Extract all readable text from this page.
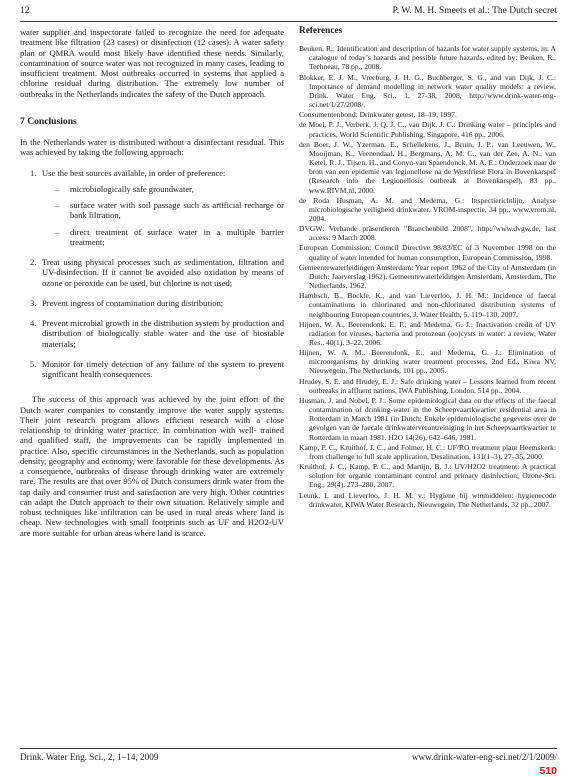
12	P. W. M. H. Smeets et al.: The Dutch secret

water supplier and inspectorate failed to recognize the need for adequate treatment like filtration (23 cases) or disinfection (12 cases). A water safety plan or QMRA would most likely have identified these needs. Similarly, contamination of source water was not recognized in many cases, leading to insufficient treatment. Most outbreaks occurred in systems that applied a chlorine residual during distribution. The extremely low number of outbreaks in the Netherlands indicates the safety of the Dutch approach.

7 Conclusions

In the Netherlands water is distributed without a disinfectant residual. This was achieved by taking the following approach:

1. Use the best sources available, in order of preference:
– microbiologically safe groundwater,
– surface water with soil passage such as artificial recharge or bank filtration,
– direct treatment of surface water in a multiple barrier treatment;
2. Treat using physical processes such as sedimentation, filtration and UV-disinfection. If it cannot be avoided also oxidation by means of ozone or peroxide can be used, but chlorine is not used;
3. Prevent ingress of contamination during distribution;
4. Prevent microbial growth in the distribution system by production and distribution of biologically stable water and the use of biostable materials;
5. Monitor for timely detection of any failure of the system to prevent significant health consequences.

The success of this approach was achieved by the joint effort of the Dutch water companies to constantly improve the water supply systems. Their joint research program allows efficient research with a close relationship to drinking water practice. In combination with well- trained and qualified staff, the improvements can be rapidly implemented in practice. Also, specific circumstances in the Netherlands, such as population density, geography and economy, were favorable for these developments. As a consequence, outbreaks of disease through drinking water are extremely rare. The results are that over 95% of Dutch consumers drink water from the tap daily and consumer trust and satisfaction are very high. Other countries can adapt the Dutch approach to their own situation. Relatively simple and robust techniques like infiltration can be used in rural areas where land is cheap. New technologies with small footprints such as UF and H2O2-UV are more suitable for urban areas where land is scarce.

References

Beuken, R.: Identification and description of hazards for water supply systems, in: A catalogue of today’s hazards and possible future hazards, edited by: Beuken, R., Techneau, 78 pp., 2008.

Blokker, E. J. M., Vreeburg, J. H. G., Buchberger, S. G., and van Dijk, J. C.: Importance of demand modelling in network water quality models: a review, Drink. Water Eng. Sci., 1, 27-38, 2008, http://www.drink-water-eng-sci.net/1/27/2008/.

Consumentenbond: Drinkwater getest, 18–19, 1997.

de Moel, P. J., Verberk, J. Q. J. C., van Dijk, J. C.: Drinking water – principles and practices, World Scientific Publishing, Singapore, 416 pp., 2006.

den Boer, J. W., Yzerman, E., Schellekens, J., Bruin, J. P., van Leeuwen, W., Mooijman, K., Veenendaal, H., Bergmans, A. M. C., van der Zee, A. N., van Ketel, R. J., Tijsen, H., and Conyn-van Spaendonck, M. A. E.: Onderzoek naar de bron van een epidemie van legionellose na de Westfriese Flora in Bovenkarspel (Research into the Legionellosis outbreak at Bovenkarspel), 83 pp., www.RIVM.nl, 2000.

de Roda Husman, A. M. and Medema, G.: Inspectierichtlijn, Analyse microbiologische veiligheid drinkwater, VROM-inspectie, 34 pp., www.vrom.nl, 2004.

DVGW: Verbande präsentieren "Branchenbild 2008", http://www.dvgw.de, last access: 9 March 2008.

European Commission: Council Directive 98/83/EC of 3 November 1998 on the quality of water intended for human consumption, European Commission, 1998.

Gemeentewaterleidingen Amsterdam: Year report 1962 of the City of Amsterdam (in Dutch: Jaarverslag 1962), Gemeentewaterleidingen Amsterdam, Amsterdam, The Netherlands, 1962.

Hambsch, B., Bockle, K., and van Lieverloo, J. H. M.: Incidence of faecal contaminations in chlorinated and non-chlorinated distribution systems of neighbouring European countries, J. Water Health, 5, 119–130, 2007.

Hijnen, W. A., Beerendonk, E. F., and Medema, G. J.: Inactivation credit of UV radiation for viruses, bacteria and protozoan (oo)cysts in water: a review, Water Res., 40(1), 3–22, 2006.

Hijnen, W. A. M., Beerendonk, E., and Medema, G. J.: Elimination of microorganisms by drinking water treatment processes, 2nd Ed., Kiwa NV, Nieuwegein, The Netherlands, 101 pp., 2005.

Hrudey, S. E. and Hrudey, E. J.: Safe drinking water – Lessons learned from recent outbreaks in affluent nations, IWA Publishing, London, 514 pp., 2004.

Husman, J. and Nobel, P. J.: Some epidemiological data on the effects of the faecal contamination of drinking-water in the Scheepvaartkwartier residential area in Rotterdam in March 1981 (in Dutch: Enkele epidemiologische gegevens over de gevolgen van de faecale drinkwaterverontreiniging in het Scheepvaartkwartier te Rotterdam in maart 1981. H2O 14(26), 642–646, 1981.

Kamp, P. C., Kruithof, J. C., and Folmer, H. C.: UF/RO treatment plant Heemskerk: from challenge to full scale application, Desalination, 131(1–3), 27–35, 2000.

Kruithof, J. C., Kamp, P. C., and Martijn, B. J.: UV/H2O2 treatment: A practical solution for organic contaminant control and primary disinfection, Ozone-Sci. Eng., 29(4), 273–280, 2007.

Leunk, I. and Lieverloo, J. H. M. v.: Hygiene bij winmiddelen: hygienecode drinkwater, KIWA Water Research, Nieuwegein, The Netherlands, 32 pp., 2007.

Drink. Water Eng. Sci., 2, 1–14, 2009	www.drink-water-eng-sci.net/2/1/2009/
510
